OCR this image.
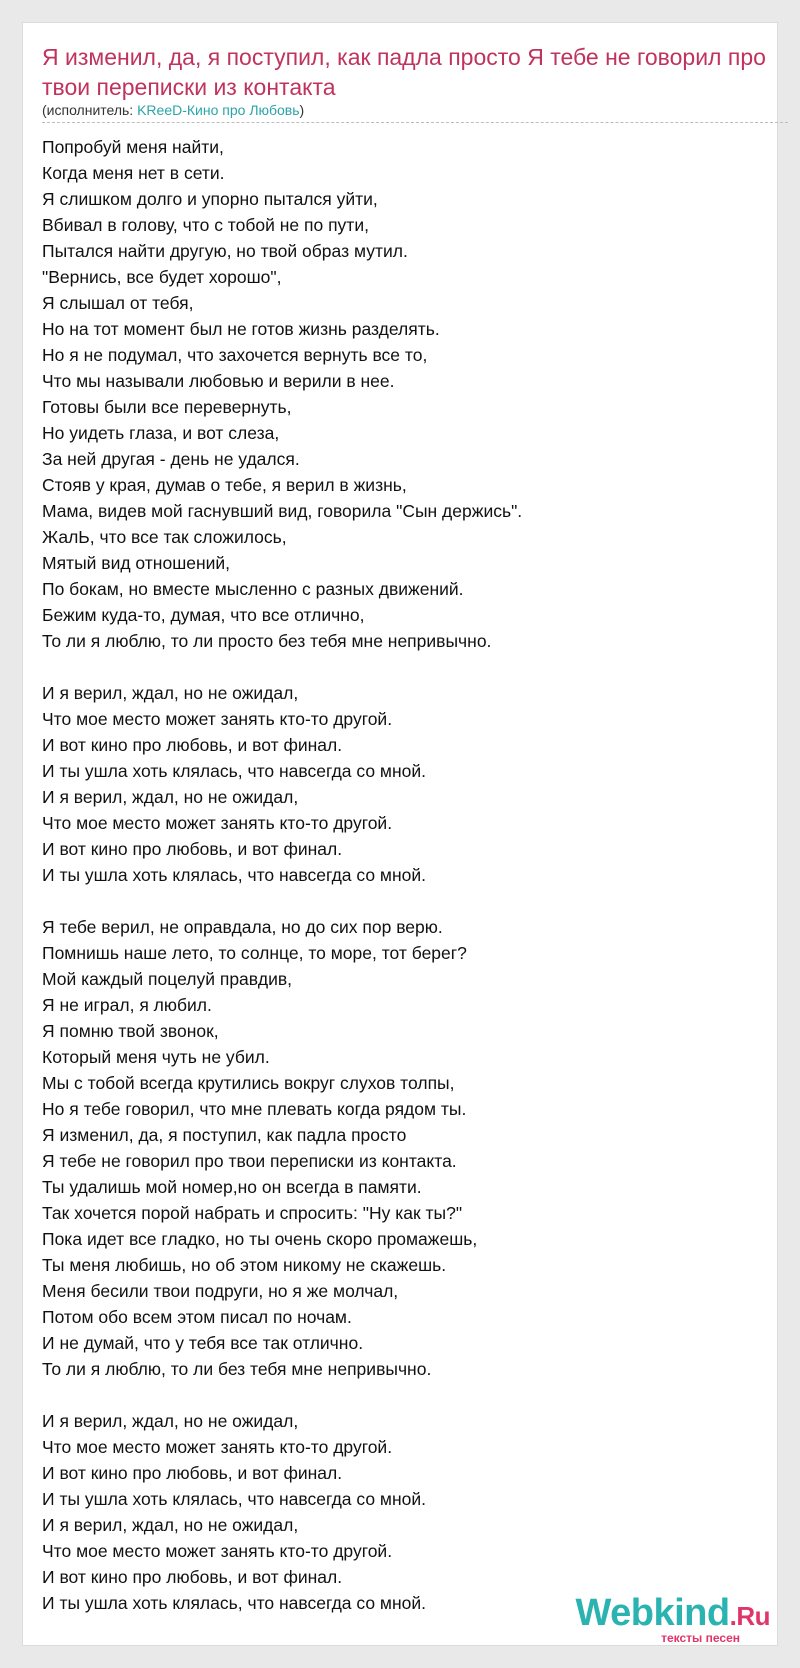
Я изменил, да, я поступил, как падла просто Я тебе не говорил про твои переписки из контакта
(исполнитель: KReeD-Кино про Любовь)
Попробуй меня найти,
Когда меня нет в сети.
Я слишком долго и упорно пытался уйти,
Вбивал в голову, что с тобой не по пути,
Пытался найти другую, но твой образ мутил.
"Вернись, все будет хорошо",
Я слышал от тебя,
Но на тот момент был не готов жизнь разделять.
Но я не подумал, что захочется вернуть все то,
Что мы называли любовью и верили в нее.
Готовы были все перевернуть,
Но уидеть глаза, и вот слеза,
За ней другая - день не удался.
Стояв у края, думав о тебе, я верил в жизнь,
Мама, видев мой гаснувший вид, говорила "Сын держись".
ЖалЬ, что все так сложилось,
Мятый вид отношений,
По бокам, но вместе мысленно с разных движений.
Бежим куда-то, думая, что все отлично,
То ли я люблю, то ли просто без тебя мне непривычно.
И я верил, ждал, но не ожидал,
Что мое место может занять кто-то другой.
И вот кино про любовь, и вот финал.
И ты ушла хоть клялась, что навсегда со мной.
И я верил, ждал, но не ожидал,
Что мое место может занять кто-то другой.
И вот кино про любовь, и вот финал.
И ты ушла хоть клялась, что навсегда со мной.
Я тебе верил, не оправдала, но до сих пор верю.
Помнишь наше лето, то солнце, то море, тот берег?
Мой каждый поцелуй правдив,
Я не играл, я любил.
Я помню твой звонок,
Который меня чуть не убил.
Мы с тобой всегда крутились вокруг слухов толпы,
Но я тебе говорил, что мне плевать когда рядом ты.
Я изменил, да, я поступил, как падла просто
Я тебе не говорил про твои переписки из контакта.
Ты удалишь мой номер,но он всегда в памяти.
Так хочется порой набрать и спросить: "Ну как ты?"
Пока идет все гладко, но ты очень скоро промажешь,
Ты меня любишь, но об этом никому не скажешь.
Меня бесили твои подруги, но я же молчал,
Потом обо всем этом писал по ночам.
И не думай, что у тебя все так отлично.
То ли я люблю, то ли без тебя мне непривычно.
И я верил, ждал, но не ожидал,
Что мое место может занять кто-то другой.
И вот кино про любовь, и вот финал.
И ты ушла хоть клялась, что навсегда со мной.
И я верил, ждал, но не ожидал,
Что мое место может занять кто-то другой.
И вот кино про любовь, и вот финал.
И ты ушла хоть клялась, что навсегда со мной.	Webkind.Ru
тексты песен
